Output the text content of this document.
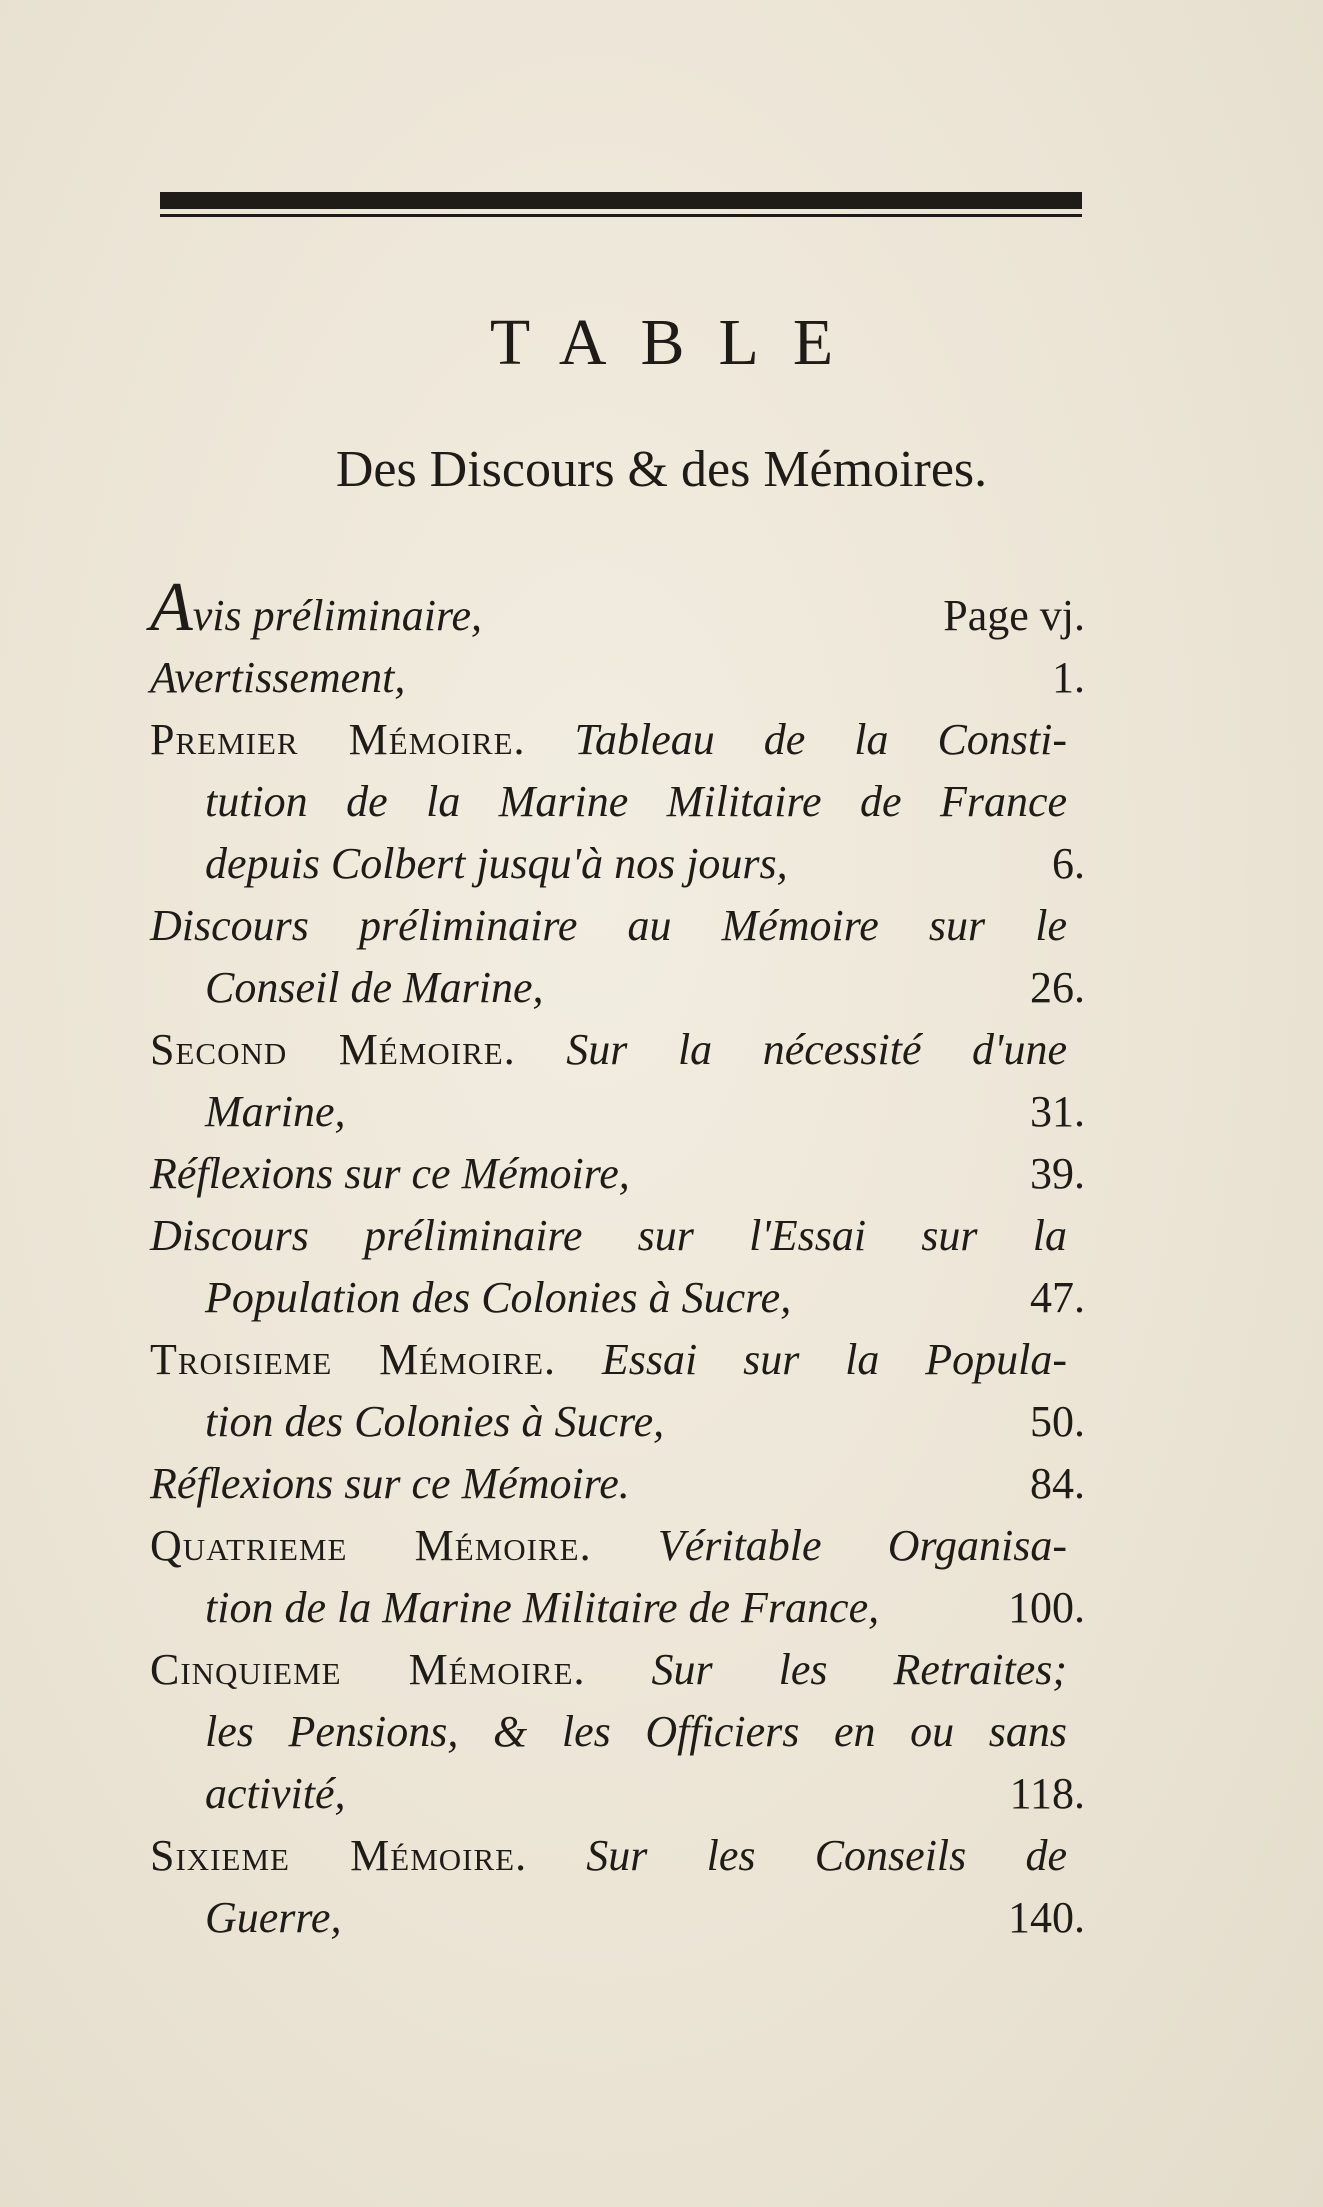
TABLE
Des Discours & des Mémoires.
Avis préliminaire,	Page vj.
Avertissement,	1.
Premier Mémoire. Tableau de la Consti-
tution de la Marine Militaire de France
depuis Colbert jusqu'à nos jours,	6.
Discours préliminaire au Mémoire sur le
Conseil de Marine,	26.
Second Mémoire. Sur la nécessité d'une
Marine,	31.
Réflexions sur ce Mémoire,	39.
Discours préliminaire sur l'Essai sur la
Population des Colonies à Sucre,	47.
Troisieme Mémoire. Essai sur la Popula-
tion des Colonies à Sucre,	50.
Réflexions sur ce Mémoire.	84.
Quatrieme Mémoire. Véritable Organisa-
tion de la Marine Militaire de France,	100.
Cinquieme Mémoire. Sur les Retraites;
les Pensions, & les Officiers en ou sans
activité,	118.
Sixieme Mémoire. Sur les Conseils de
Guerre,	140.
